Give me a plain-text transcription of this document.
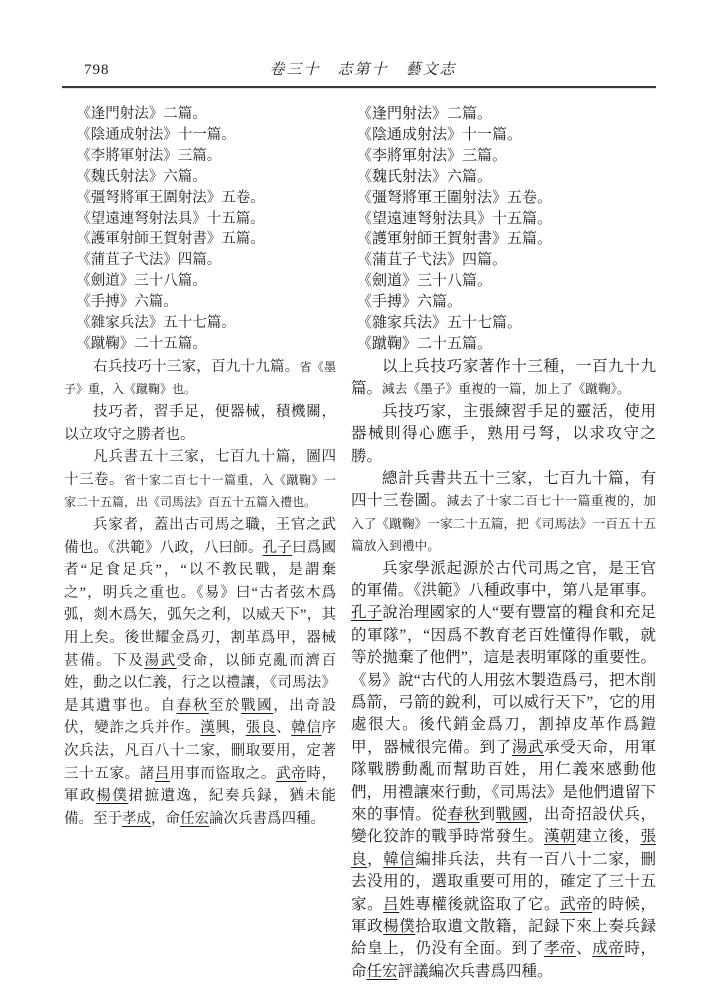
798	卷三十　志第十　藝文志
《逢門射法》二篇。
《陰通成射法》十一篇。
《李將軍射法》三篇。
《魏氏射法》六篇。
《彊弩將軍王圍射法》五卷。
《望遠連弩射法具》十五篇。
《護軍射師王賀射書》五篇。
《蒲苴子弋法》四篇。
《劍道》三十八篇。
《手搏》六篇。
《雜家兵法》五十七篇。
《蹴鞠》二十五篇。

右兵技巧十三家，百九十九篇。省《墨子》重，入《蹴鞠》也。

技巧者，習手足，便器械，積機關，以立攻守之勝者也。

凡兵書五十三家，七百九十篇，圖四十三卷。省十家二百七十一篇重，入《蹴鞠》一家二十五篇，出《司馬法》百五十五篇入禮也。

兵家者，蓋出古司馬之職，王官之武備也。《洪範》八政，八曰師。孔子曰爲國者“足食足兵”，“以不教民戰，是謂棄之”，明兵之重也。《易》曰“古者弦木爲弧，剡木爲矢，弧矢之利，以威天下”，其用上矣。後世耀金爲刃，割革爲甲，器械甚備。下及湯武受命，以師克亂而濟百姓，動之以仁義，行之以禮讓，《司馬法》是其遺事也。自春秋至於戰國，出奇設伏，變詐之兵并作。漢興，張良、韓信序次兵法，凡百八十二家，刪取要用，定著三十五家。諸吕用事而盜取之。武帝時，軍政楊僕捃摭遺逸，紀奏兵録，猶未能備。至于孝成，命任宏論次兵書爲四種。

《逢門射法》二篇。
《陰通成射法》十一篇。
《李將軍射法》三篇。
《魏氏射法》六篇。
《彊弩將軍王圍射法》五卷。
《望遠連弩射法具》十五篇。
《護軍射師王賀射書》五篇。
《蒲苴子弋法》四篇。
《劍道》三十八篇。
《手搏》六篇。
《雜家兵法》五十七篇。
《蹴鞠》二十五篇。

以上兵技巧家著作十三種，一百九十九篇。減去《墨子》重複的一篇，加上了《蹴鞠》。

兵技巧家，主張練習手足的靈活，使用器械則得心應手，熟用弓弩，以求攻守之勝。

總計兵書共五十三家，七百九十篇，有四十三卷圖。減去了十家二百七十一篇重複的，加入了《蹴鞠》一家二十五篇，把《司馬法》一百五十五篇放入到禮中。

兵家學派起源於古代司馬之官，是王官的軍備。《洪範》八種政事中，第八是軍事。孔子說治理國家的人“要有豐富的糧食和充足的軍隊”，“因爲不教育老百姓懂得作戰，就等於拋棄了他們”，這是表明軍隊的重要性。《易》說“古代的人用弦木製造爲弓，把木削爲箭，弓箭的銳利，可以威行天下”，它的用處很大。後代銷金爲刀，割掉皮革作爲鎧甲，器械很完備。到了湯武承受天命，用軍隊戰勝動亂而幫助百姓，用仁義來感動他們，用禮讓來行動，《司馬法》是他們遺留下來的事情。從春秋到戰國，出奇招設伏兵，變化狡詐的戰爭時常發生。漢朝建立後，張良，韓信編排兵法，共有一百八十二家，刪去没用的，選取重要可用的，確定了三十五家。吕姓專權後就盜取了它。武帝的時候，軍政楊僕拾取遺文散籍，記録下來上奏兵録給皇上，仍没有全面。到了孝帝、成帝時，命任宏評議編次兵書爲四種。
